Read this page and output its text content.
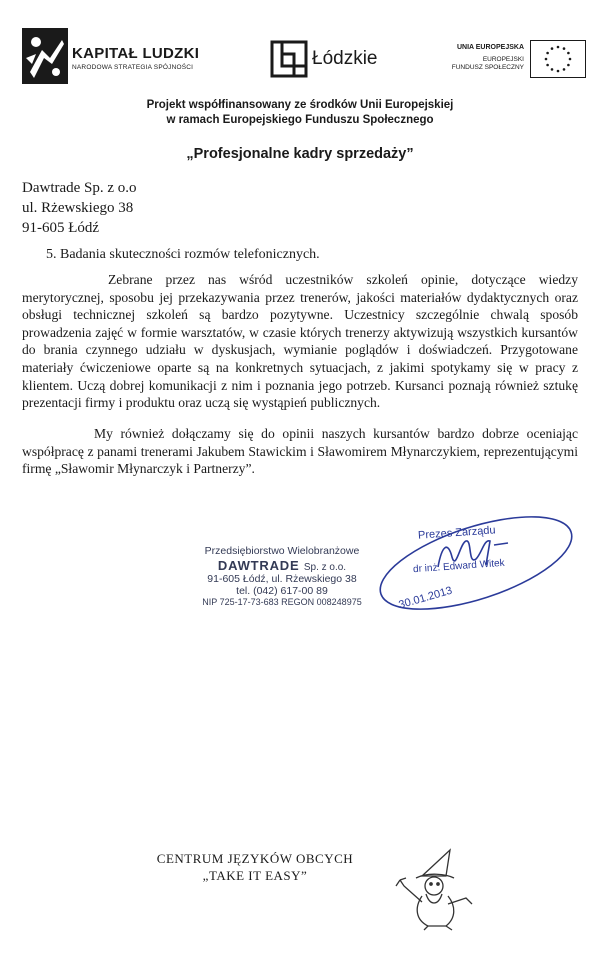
KAPITAŁ LUDZKI
NARODOWA STRATEGIA SPÓJNOŚCI	Łódzkie
UNIA EUROPEJSKA
EUROPEJSKI
FUNDUSZ SPOŁECZNY
Projekt współfinansowany ze środków Unii Europejskiej
w ramach Europejskiego Funduszu Społecznego
„Profesjonalne kadry sprzedaży”
Dawtrade Sp. z o.o
ul. Rżewskiego 38
91-605 Łódź
5. Badania skuteczności rozmów telefonicznych.
Zebrane przez nas wśród uczestników szkoleń opinie, dotyczące wiedzy merytorycznej, sposobu jej przekazywania przez trenerów, jakości materiałów dydaktycznych oraz obsługi technicznej szkoleń są bardzo pozytywne. Uczestnicy szczególnie chwalą sposób prowadzenia zajęć w formie warsztatów, w czasie których trenerzy aktywizują wszystkich kursantów do brania czynnego udziału w dyskusjach, wymianie poglądów i doświadczeń. Przygotowane materiały ćwiczeniowe oparte są na konkretnych sytuacjach, z jakimi spotykamy się w pracy z klientem. Uczą dobrej komunikacji z nim i poznania jego potrzeb. Kursanci poznają również sztukę prezentacji firmy i produktu oraz uczą się wystąpień publicznych.
My również dołączamy się do opinii naszych kursantów bardzo dobrze oceniając współpracę z panami trenerami Jakubem Stawickim i Sławomirem Młynarczykiem, reprezentującymi firmę „Sławomir Młynarczyk i Partnerzy”.
Przedsiębiorstwo Wielobranżowe
DAWTRADE Sp. z o.o.
91-605 Łódź, ul. Rżewskiego 38
tel. (042) 617-00 89
NIP 725-17-73-683 REGON 008248975
Prezes Zarządu
dr inż. Edward Witek
30.01.2013
CENTRUM JĘZYKÓW OBCYCH
„TAKE IT EASY”
